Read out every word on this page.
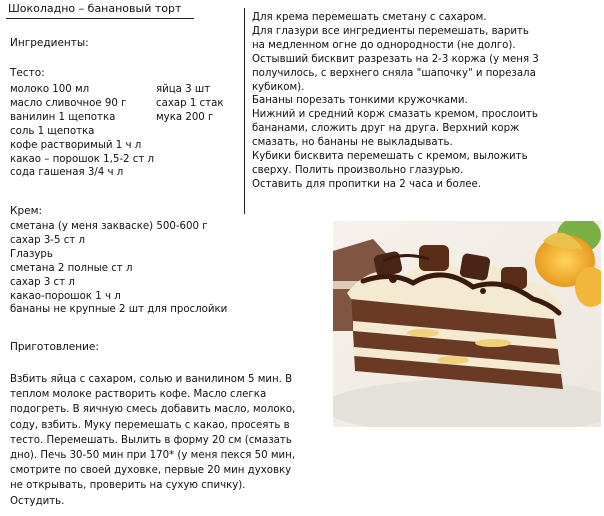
Шоколадно – банановый торт
Ингредиенты:
Тесто:
молоко 100 мл
масло сливочное 90 г
ванилин 1 щепотка
соль 1 щепотка
кофе растворимый 1 ч л
какао – порошок 1,5-2 ст л
сода гашеная 3/4 ч л
яйца 3 шт
сахар 1 стак
мука 200 г
Крем:
сметана (у меня закваске) 500-600 г
сахар 3-5 ст л
Глазурь
сметана 2 полные ст л
сахар 3 ст л
какао-порошок 1 ч л
бананы не крупные 2 шт для прослойки
Приготовление:
Взбить яйца с сахаром, солью и ванилином 5 мин. В
теплом молоке растворить кофе. Масло слегка
подогреть. В яичную смесь добавить масло, молоко,
соду, взбить. Муку перемешать с какао, просеять в
тесто. Перемешать. Вылить в форму 20 см (смазать
дно). Печь 30-50 мин при 170* (у меня пекся 50 мин,
смотрите по своей духовке, первые 20 мин духовку
не открывать, проверить на сухую спичку).
Остудить.
Для крема перемешать сметану с сахаром.
Для глазури все ингредиенты перемешать, варить
на медленном огне до однородности (не долго).
Остывший бисквит разрезать на 2-3 коржа (у меня 3
получилось, с верхнего сняла "шапочку" и порезала
кубиком).
Бананы порезать тонкими кружочками.
Нижний и средний корж смазать кремом, прослоить
бананами, сложить друг на друга. Верхний корж
смазать, но бананы не выкладывать.
Кубики бисквита перемешать с кремом, выложить
сверху. Полить произвольно глазурью.
Оставить для пропитки на 2 часа и более.
